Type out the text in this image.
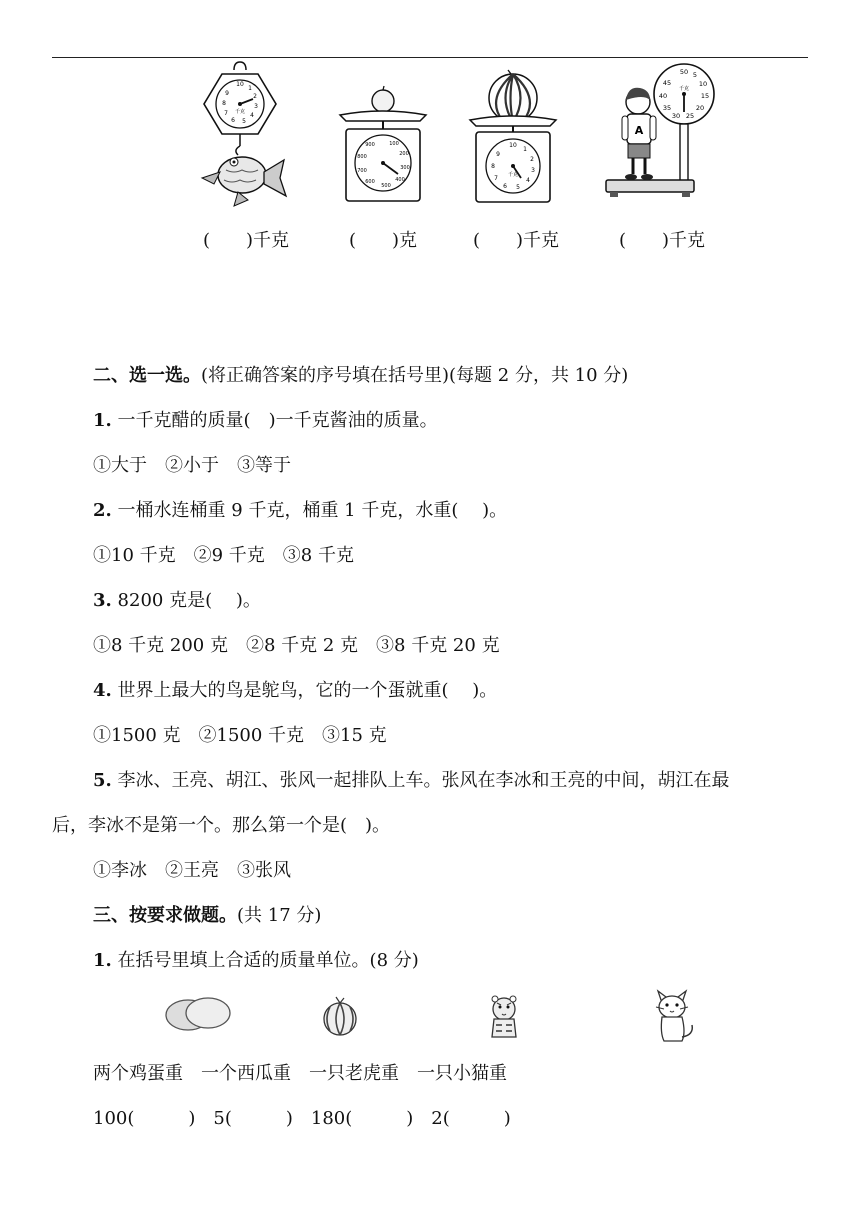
10
1
2
3
4
5
6
7
8
9
千克
100
200
300
400
500
600
700
800
900	10
1
2
3
4
5
6
7
8
9
千克
50 5
10
15
20
25
30
35
40
45
千克
A
(　　)千克	(　　)克	(　　)千克	(　　)千克
二、选一选。(将正确答案的序号填在括号里)(每题 2 分，共 10 分)
1. 一千克醋的质量(　)一千克酱油的质量。
①大于　②小于　③等于
2. 一桶水连桶重 9 千克，桶重 1 千克，水重(　 )。
①10 千克　②9 千克　③8 千克
3. 8200 克是(　 )。
①8 千克 200 克　②8 千克 2 克　③8 千克 20 克
4. 世界上最大的鸟是鸵鸟，它的一个蛋就重(　 )。
①1500 克　②1500 千克　③15 克
5. 李冰、王亮、胡江、张风一起排队上车。张风在李冰和王亮的中间，胡江在最
后，李冰不是第一个。那么第一个是(　)。
①李冰　②王亮　③张风
三、按要求做题。(共 17 分)
1. 在括号里填上合适的质量单位。(8 分)
两个鸡蛋重　一个西瓜重　一只老虎重　一只小猫重
100(　　　)　5(　　　)　180(　　　)　2(　　　)
